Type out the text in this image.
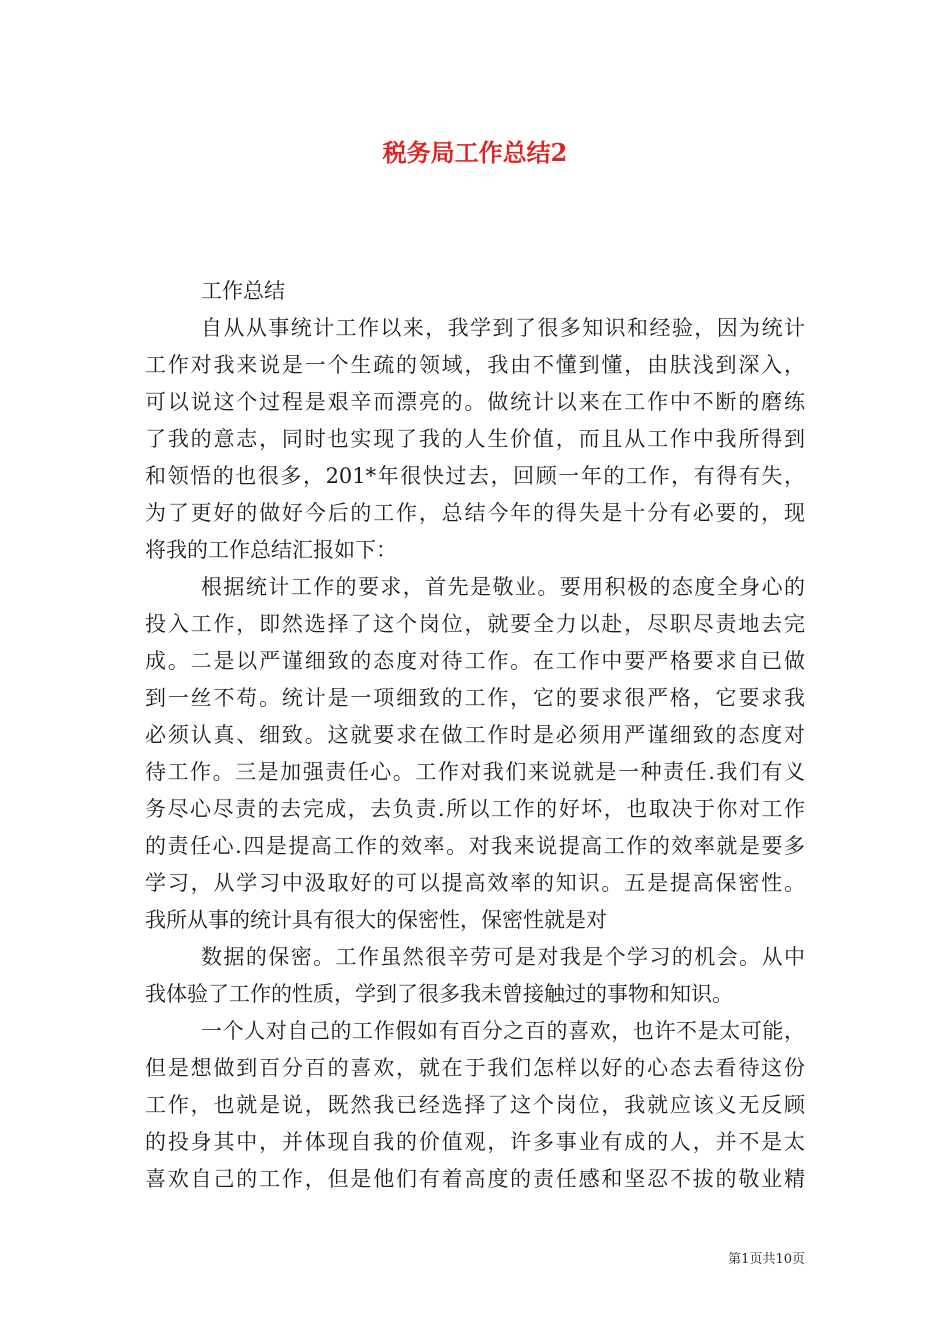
税务局工作总结2
工作总结
自从从事统计工作以来，我学到了很多知识和经验，因为统计
工作对我来说是一个生疏的领域，我由不懂到懂，由肤浅到深入，
可以说这个过程是艰辛而漂亮的。做统计以来在工作中不断的磨练
了我的意志，同时也实现了我的人生价值，而且从工作中我所得到
和领悟的也很多，201*年很快过去，回顾一年的工作，有得有失，
为了更好的做好今后的工作，总结今年的得失是十分有必要的，现
将我的工作总结汇报如下：
根据统计工作的要求，首先是敬业。要用积极的态度全身心的
投入工作，即然选择了这个岗位，就要全力以赴，尽职尽责地去完
成。二是以严谨细致的态度对待工作。在工作中要严格要求自已做
到一丝不苟。统计是一项细致的工作，它的要求很严格，它要求我
必须认真、细致。这就要求在做工作时是必须用严谨细致的态度对
待工作。三是加强责任心。工作对我们来说就是一种责任.我们有义
务尽心尽责的去完成，去负责.所以工作的好坏，也取决于你对工作
的责任心.四是提高工作的效率。对我来说提高工作的效率就是要多
学习，从学习中汲取好的可以提高效率的知识。五是提高保密性。
我所从事的统计具有很大的保密性，保密性就是对
数据的保密。工作虽然很辛劳可是对我是个学习的机会。从中
我体验了工作的性质，学到了很多我未曾接触过的事物和知识。
一个人对自己的工作假如有百分之百的喜欢，也许不是太可能，
但是想做到百分百的喜欢，就在于我们怎样以好的心态去看待这份
工作，也就是说，既然我已经选择了这个岗位，我就应该义无反顾
的投身其中，并体现自我的价值观，许多事业有成的人，并不是太
喜欢自己的工作，但是他们有着高度的责任感和坚忍不拔的敬业精
第1页共10页
